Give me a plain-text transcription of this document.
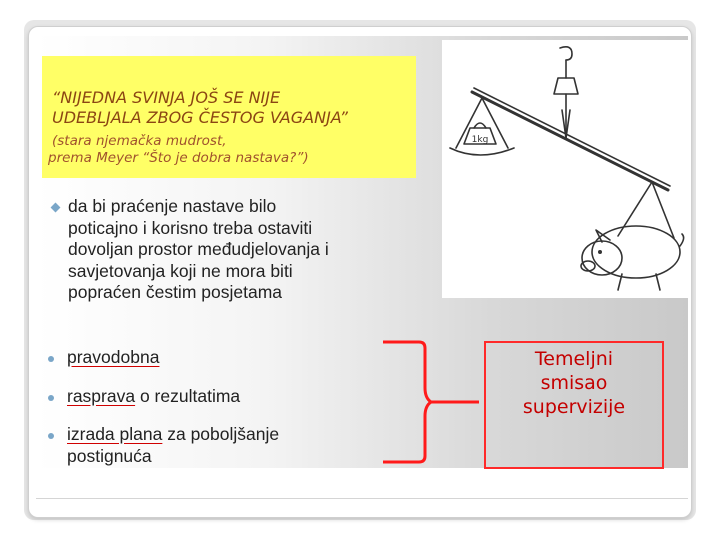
“NIJEDNA SVINJA JOŠ SE NIJE
UDEBLJALA ZBOG ČESTOG VAGANJA”
(stara njemačka mudrost,
prema Meyer “Što je dobra nastava?”)
da bi praćenje nastave bilo
poticajno i korisno treba ostaviti
dovoljan prostor međudjelovanja i
savjetovanja koji ne mora biti
popraćen čestim posjetama
pravodobna
rasprava o rezultatima
izrada plana za poboljšanje
postignuća
Temeljni
smisao
supervizije
1kg
